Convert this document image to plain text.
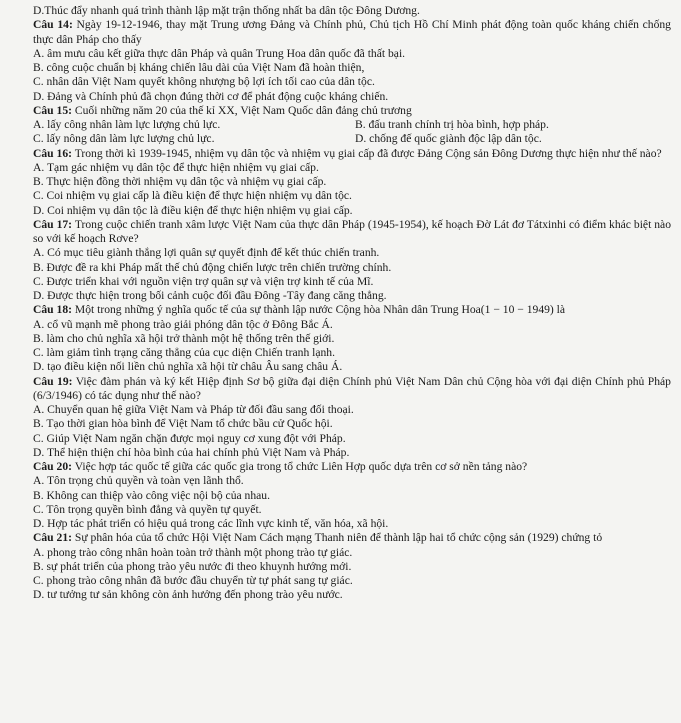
D.Thúc đẩy nhanh quá trình thành lập mặt trận thống nhất ba dân tộc Đông Dương.
Câu 14: Ngày 19-12-1946, thay mặt Trung ương Đảng và Chính phủ, Chủ tịch Hồ Chí Minh phát động toàn quốc kháng chiến chống thực dân Pháp cho thấy
A. âm mưu câu kết giữa thực dân Pháp và quân Trung Hoa dân quốc đã thất bại.
B. công cuộc chuẩn bị kháng chiến lâu dài của Việt Nam đã hoàn thiện,
C. nhân dân Việt Nam quyết không nhượng bộ lợi ích tối cao của dân tộc.
D. Đảng và Chính phủ đã chọn đúng thời cơ để phát động cuộc kháng chiến.
Câu 15: Cuối những năm 20 của thế kỉ XX, Việt Nam Quốc dân đảng chủ trương
A. lấy công nhân làm lực lượng chủ lực.	B. đấu tranh chính trị hòa bình, hợp pháp.
C. lấy nông dân làm lực lượng chủ lực.	D. chống đế quốc giành độc lập dân tộc.
Câu 16: Trong thời kì 1939-1945, nhiệm vụ dân tộc và nhiệm vụ giai cấp đã được Đảng Cộng sản Đông Dương thực hiện như thế nào?
A. Tạm gác nhiệm vụ dân tộc để thực hiện nhiệm vụ giai cấp.
B. Thực hiện đồng thời nhiệm vụ dân tộc và nhiệm vụ giai cấp.
C. Coi nhiệm vụ giai cấp là điều kiện để thực hiện nhiệm vụ dân tộc.
D. Coi nhiệm vụ dân tộc là điều kiện để thực hiện nhiệm vụ giai cấp.
Câu 17: Trong cuộc chiến tranh xâm lược Việt Nam của thực dân Pháp (1945-1954), kế hoạch Đờ Lát đơ Tátxinhi có điểm khác biệt nào so với kế hoạch Rơve?
A. Có mục tiêu giành thắng lợi quân sự quyết định để kết thúc chiến tranh.
B. Được đề ra khi Pháp mất thế chủ động chiến lược trên chiến trường chính.
C. Được triển khai với nguồn viện trợ quân sự và viện trợ kinh tế của Mĩ.
D. Được thực hiện trong bối cảnh cuộc đối đầu Đông -Tây đang căng thẳng.
Câu 18: Một trong những ý nghĩa quốc tế của sự thành lập nước Cộng hòa Nhân dân Trung Hoa(1 − 10 − 1949) là
A. cổ vũ mạnh mẽ phong trào giải phóng dân tộc ở Đông Bắc Á.
B. làm cho chủ nghĩa xã hội trở thành một hệ thống trên thế giới.
C. làm giảm tình trạng căng thẳng của cục diện Chiến tranh lạnh.
D. tạo điều kiện nối liền chủ nghĩa xã hội từ châu Âu sang châu Á.
Câu 19: Việc đàm phán và ký kết Hiệp định Sơ bộ giữa đại diện Chính phủ Việt Nam Dân chủ Cộng hòa với đại diện Chính phủ Pháp (6/3/1946) có tác dụng như thế nào?
A. Chuyển quan hệ giữa Việt Nam và Pháp từ đối đầu sang đối thoại.
B. Tạo thời gian hòa bình để Việt Nam tổ chức bầu cử Quốc hội.
C. Giúp Việt Nam ngăn chặn được mọi nguy cơ xung đột với Pháp.
D. Thể hiện thiện chí hòa bình của hai chính phủ Việt Nam và Pháp.
Câu 20: Việc hợp tác quốc tế giữa các quốc gia trong tổ chức Liên Hợp quốc dựa trên cơ sở nền tảng nào?
A. Tôn trọng chủ quyền và toàn vẹn lãnh thổ.
B. Không can thiệp vào công việc nội bộ của nhau.
C. Tôn trọng quyền bình đẳng và quyền tự quyết.
D. Hợp tác phát triển có hiệu quả trong các lĩnh vực kinh tế, văn hóa, xã hội.
Câu 21: Sự phân hóa của tổ chức Hội Việt Nam Cách mạng Thanh niên để thành lập hai tổ chức cộng sản (1929) chứng tỏ
A. phong trào công nhân hoàn toàn trở thành một phong trào tự giác.
B. sự phát triển của phong trào yêu nước đi theo khuynh hướng mới.
C. phong trào công nhân đã bước đầu chuyển từ tự phát sang tự giác.
D. tư tưởng tư sản không còn ảnh hưởng đến phong trào yêu nước.
